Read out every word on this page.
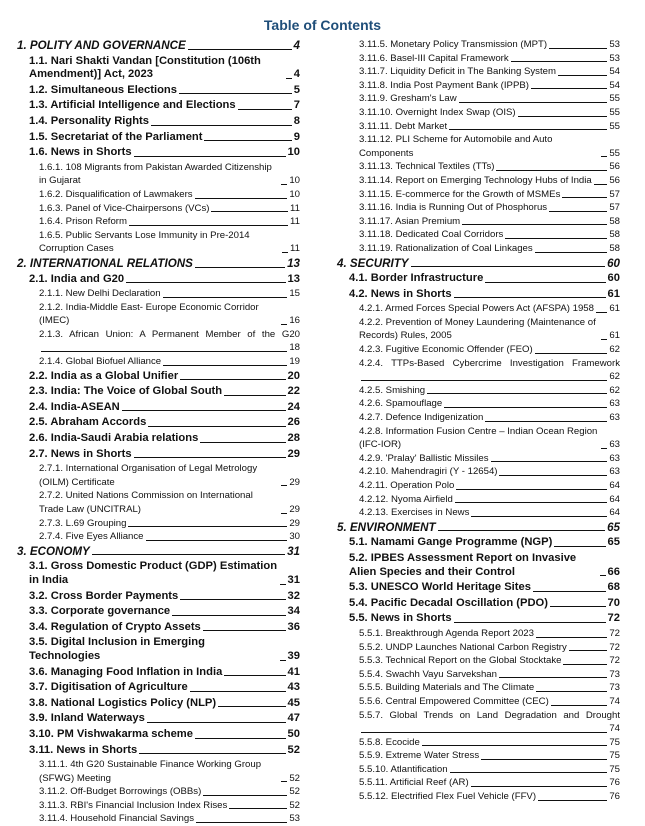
Table of Contents
1. POLITY AND GOVERNANCE	4
1.1. Nari Shakti Vandan [Constitution (106th Amendment)] Act, 2023	4
1.2. Simultaneous Elections	5
1.3. Artificial Intelligence and Elections	7
1.4. Personality Rights	8
1.5. Secretariat of the Parliament	9
1.6. News in Shorts	10
1.6.1. 108 Migrants from Pakistan Awarded Citizenship in Gujarat	10
1.6.2. Disqualification of Lawmakers	10
1.6.3. Panel of Vice-Chairpersons (VCs)	11
1.6.4. Prison Reform	11
1.6.5. Public Servants Lose Immunity in Pre-2014 Corruption Cases	11
2. INTERNATIONAL RELATIONS	13
2.1. India and G20	13
2.1.1. New Delhi Declaration	15
2.1.2. India-Middle East- Europe Economic Corridor (IMEC)	16
2.1.3. African Union: A Permanent Member of the G20
18
2.1.4. Global Biofuel Alliance	19
2.2. India as a Global Unifier	20
2.3. India: The Voice of Global South	22
2.4. India-ASEAN	24
2.5. Abraham Accords	26
2.6. India-Saudi Arabia relations	28
2.7. News in Shorts	29
2.7.1. International Organisation of Legal Metrology (OILM) Certificate	29
2.7.2. United Nations Commission on International Trade Law (UNCITRAL)	29
2.7.3. L.69 Grouping	29
2.7.4. Five Eyes Alliance	30
3. ECONOMY	31
3.1. Gross Domestic Product (GDP) Estimation in India	31
3.2. Cross Border Payments	32
3.3. Corporate governance	34
3.4. Regulation of Crypto Assets	36
3.5. Digital Inclusion in Emerging Technologies	39
3.6. Managing Food Inflation in India	41
3.7. Digitisation of Agriculture	43
3.8. National Logistics Policy (NLP)	45
3.9. Inland Waterways	47
3.10. PM Vishwakarma scheme	50
3.11. News in Shorts	52
3.11.1. 4th G20 Sustainable Finance Working Group (SFWG) Meeting	52
3.11.2. Off-Budget Borrowings (OBBs)	52
3.11.3. RBI's Financial Inclusion Index Rises	52
3.11.4. Household Financial Savings	53
3.11.5. Monetary Policy Transmission (MPT)	53
3.11.6. Basel-III Capital Framework	53
3.11.7. Liquidity Deficit in The Banking System	54
3.11.8. India Post Payment Bank (IPPB)	54
3.11.9. Gresham's Law	55
3.11.10. Overnight Index Swap (OIS)	55
3.11.11. Debt Market	55
3.11.12. PLI Scheme for Automobile and Auto Components	55
3.11.13. Technical Textiles (TTs)	56
3.11.14. Report on Emerging Technology Hubs of India 56
3.11.15. E-commerce for the Growth of MSMEs	57
3.11.16. India is Running Out of Phosphorus	57
3.11.17. Asian Premium	58
3.11.18. Dedicated Coal Corridors	58
3.11.19. Rationalization of Coal Linkages	58
4. SECURITY	60
4.1. Border Infrastructure	60
4.2. News in Shorts	61
4.2.1. Armed Forces Special Powers Act (AFSPA) 1958 61
4.2.2. Prevention of Money Laundering (Maintenance of Records) Rules, 2005	61
4.2.3. Fugitive Economic Offender (FEO)	62
4.2.4. TTPs-Based Cybercrime Investigation Framework
62
4.2.5. Smishing	62
4.2.6. Spamouflage	63
4.2.7. Defence Indigenization	63
4.2.8. Information Fusion Centre – Indian Ocean Region (IFC-IOR)	63
4.2.9. 'Pralay' Ballistic Missiles	63
4.2.10. Mahendragiri (Y - 12654)	63
4.2.11. Operation Polo	64
4.2.12. Nyoma Airfield	64
4.2.13. Exercises in News	64
5. ENVIRONMENT	65
5.1. Namami Gange Programme (NGP)	65
5.2. IPBES Assessment Report on Invasive Alien Species and their Control	66
5.3. UNESCO World Heritage Sites	68
5.4. Pacific Decadal Oscillation (PDO)	70
5.5. News in Shorts	72
5.5.1. Breakthrough Agenda Report 2023	72
5.5.2. UNDP Launches National Carbon Registry	72
5.5.3. Technical Report on the Global Stocktake	72
5.5.4. Swachh Vayu Sarvekshan	73
5.5.5. Building Materials and The Climate	73
5.5.6. Central Empowered Committee (CEC)	74
5.5.7. Global Trends on Land Degradation and Drought
74
5.5.8. Ecocide	75
5.5.9. Extreme Water Stress	75
5.5.10. Atlantification	75
5.5.11. Artificial Reef (AR)	76
5.5.12. Electrified Flex Fuel Vehicle (FFV)	76
